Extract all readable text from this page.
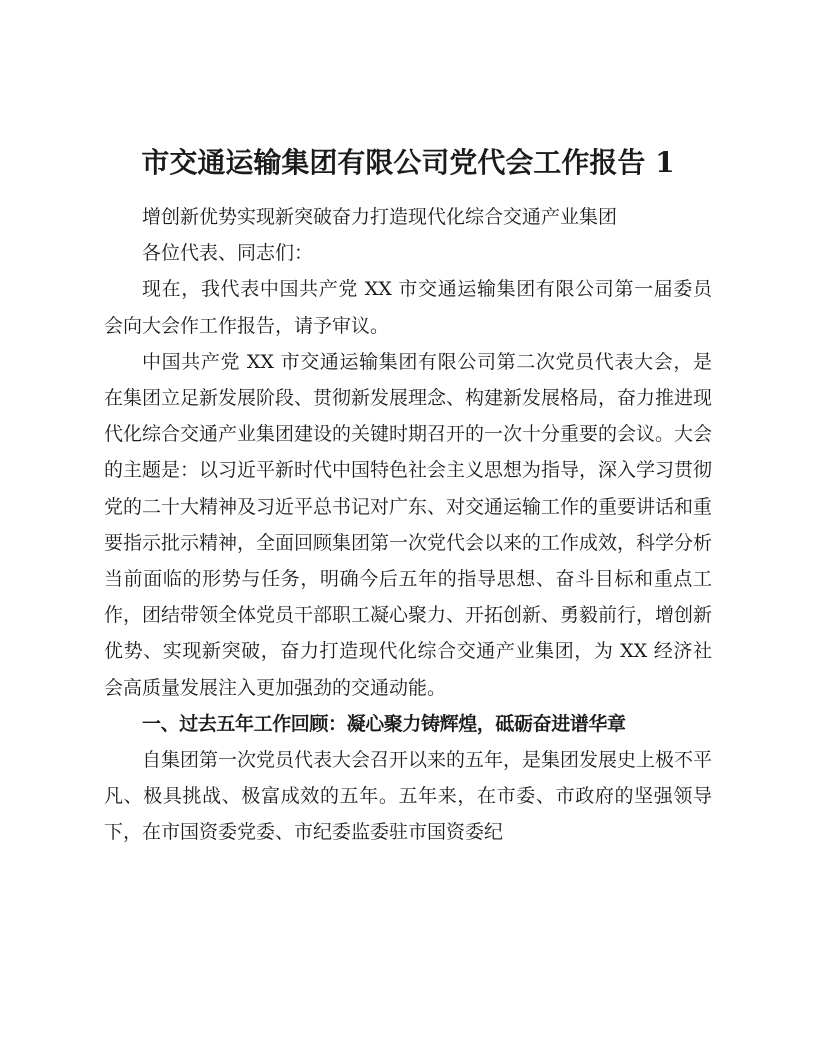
市交通运输集团有限公司党代会工作报告 1

增创新优势实现新突破奋力打造现代化综合交通产业集团

各位代表、同志们：

现在，我代表中国共产党 XX 市交通运输集团有限公司第一届委员会向大会作工作报告，请予审议。

中国共产党 XX 市交通运输集团有限公司第二次党员代表大会，是在集团立足新发展阶段、贯彻新发展理念、构建新发展格局，奋力推进现代化综合交通产业集团建设的关键时期召开的一次十分重要的会议。大会的主题是：以习近平新时代中国特色社会主义思想为指导，深入学习贯彻党的二十大精神及习近平总书记对广东、对交通运输工作的重要讲话和重要指示批示精神，全面回顾集团第一次党代会以来的工作成效，科学分析当前面临的形势与任务，明确今后五年的指导思想、奋斗目标和重点工作，团结带领全体党员干部职工凝心聚力、开拓创新、勇毅前行，增创新优势、实现新突破，奋力打造现代化综合交通产业集团，为 XX 经济社会高质量发展注入更加强劲的交通动能。

一、过去五年工作回顾：凝心聚力铸辉煌，砥砺奋进谱华章

自集团第一次党员代表大会召开以来的五年，是集团发展史上极不平凡、极具挑战、极富成效的五年。五年来，在市委、市政府的坚强领导下，在市国资委党委、市纪委监委驻市国资委纪
